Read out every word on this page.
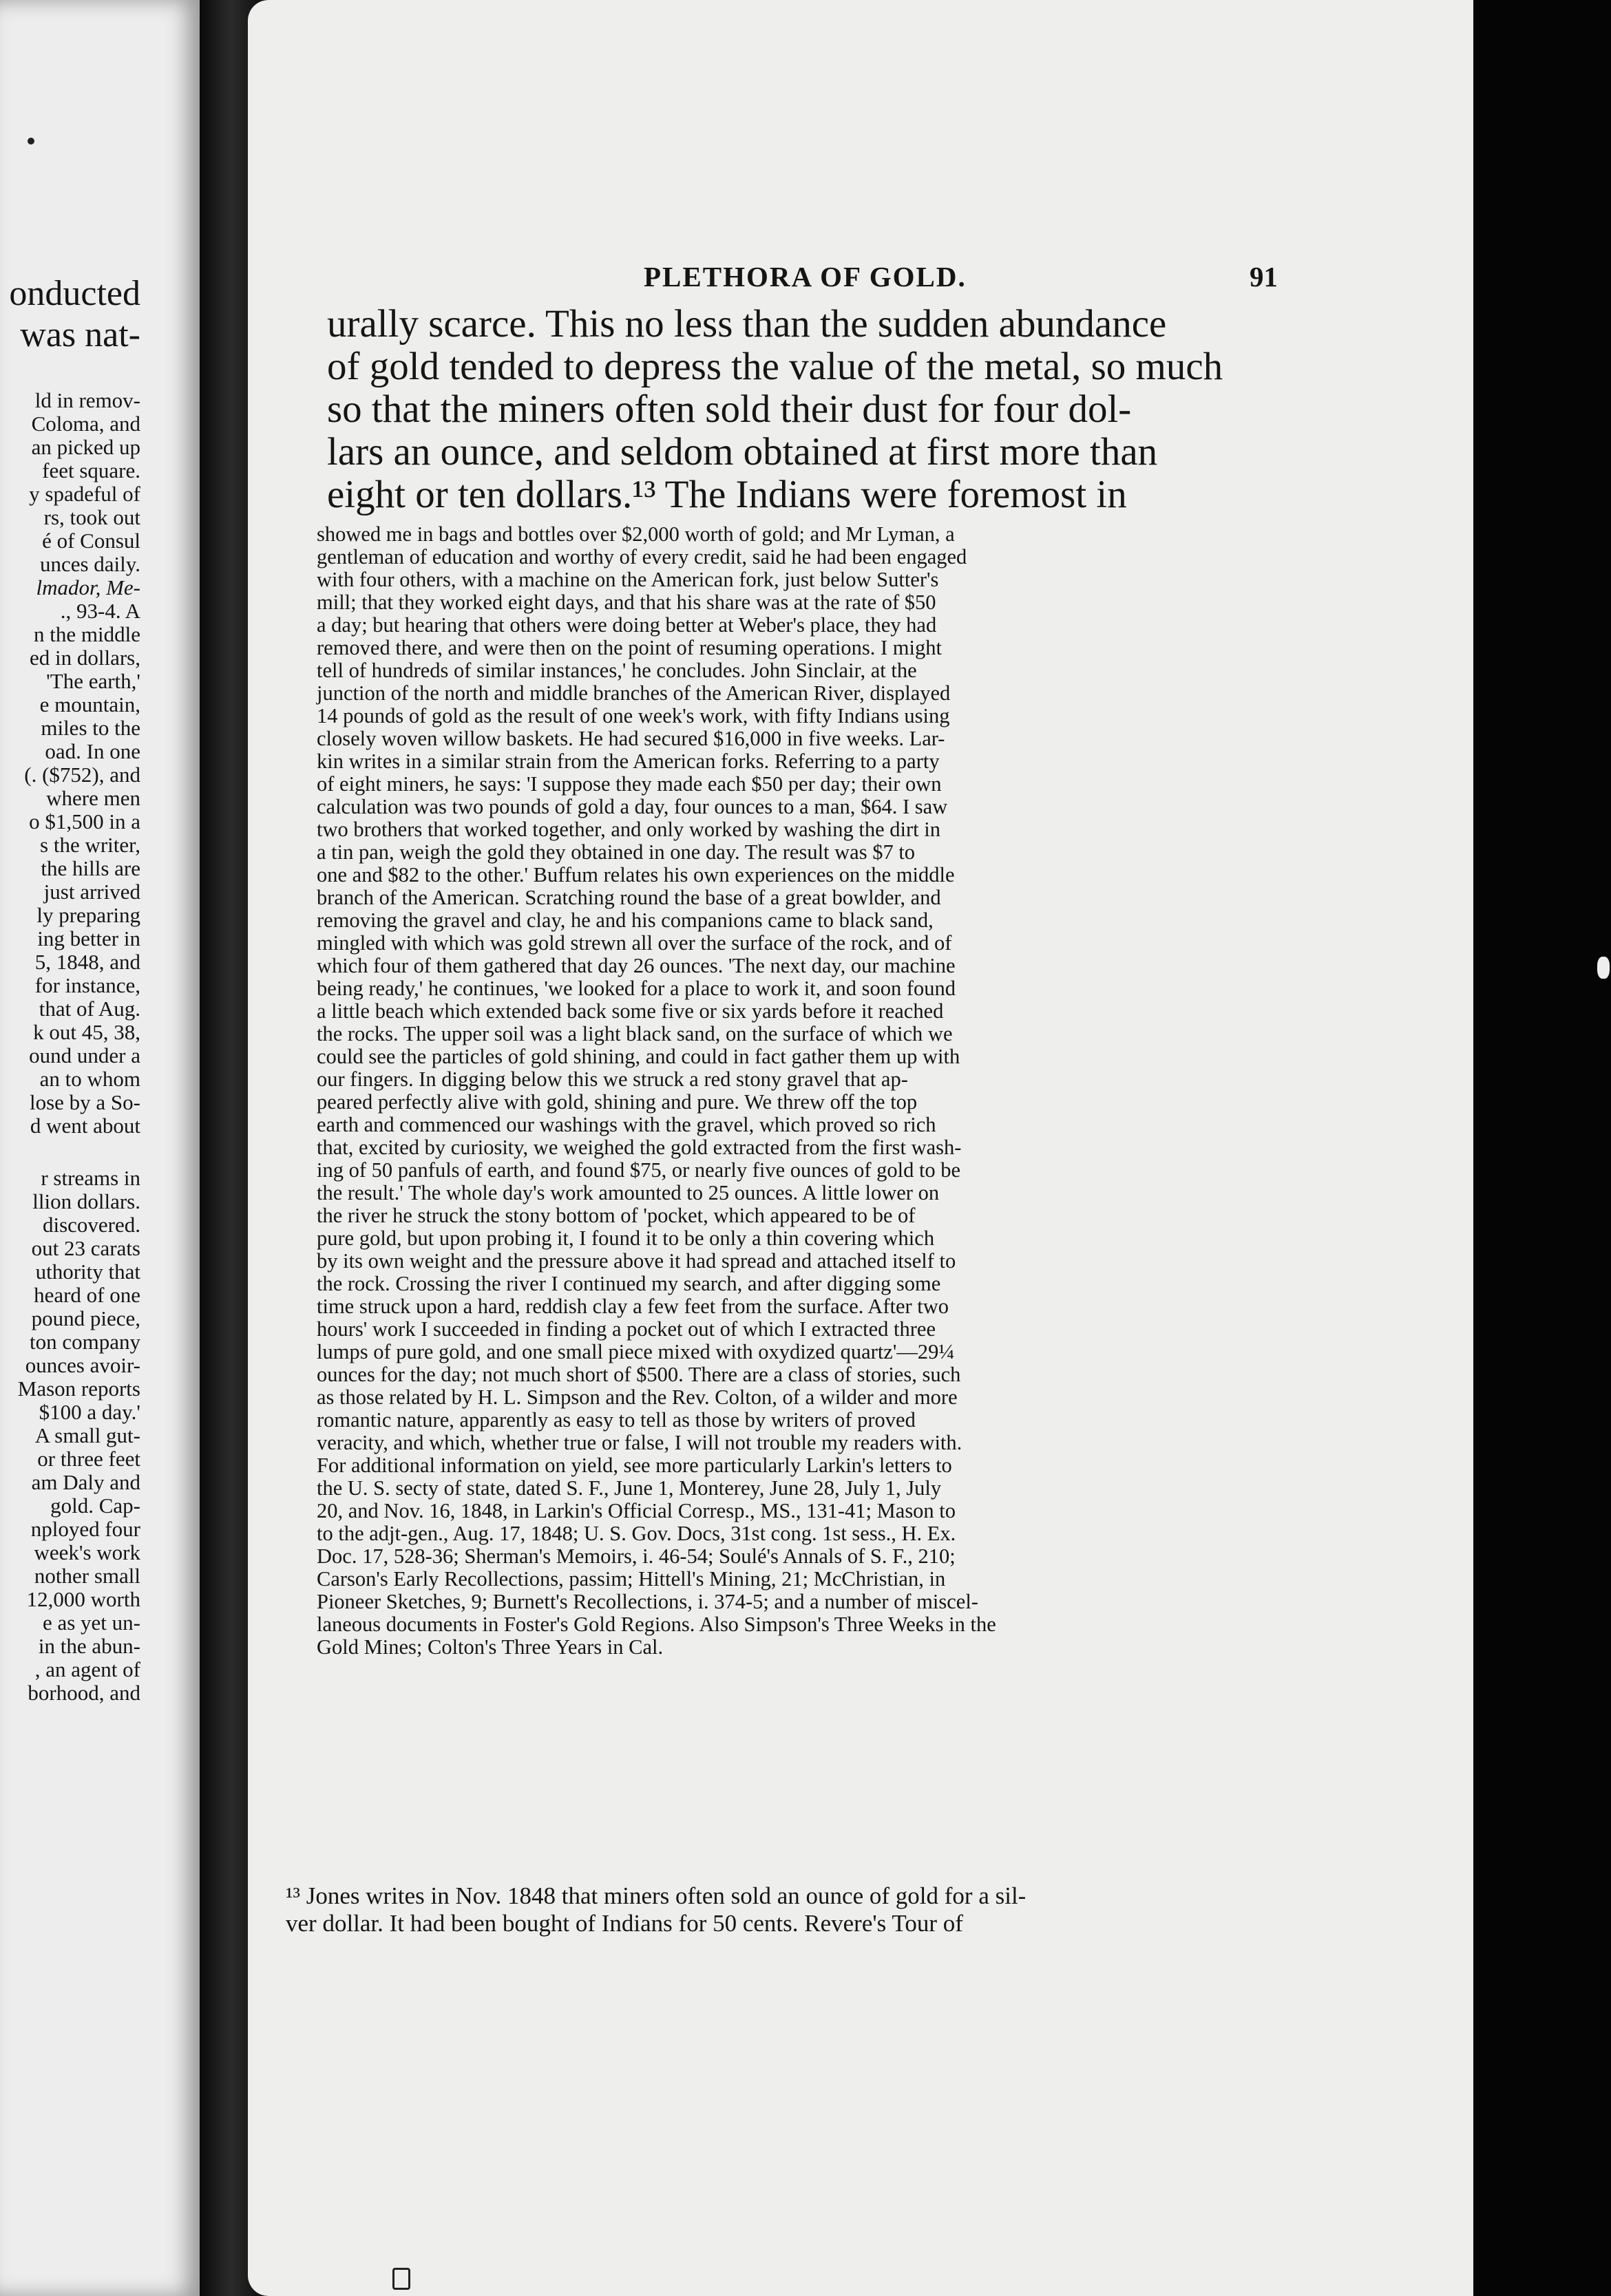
onducted
was nat-
ld in remov-
Coloma, and
an picked up
feet square.
y spadeful of
rs, took out
é of Consul
unces daily.
lmador, Me-
., 93-4. A
n the middle
ed in dollars,
'The earth,'
e mountain,
miles to the
oad. In one
(. ($752), and
where men
o $1,500 in a
s the writer,
the hills are
just arrived
ly preparing
ing better in
5, 1848, and
for instance,
that of Aug.
k out 45, 38,
ound under a
an to whom
lose by a So-
d went about
r streams in
llion dollars.
discovered.
out 23 carats
uthority that
heard of one
pound piece,
ton company
ounces avoir-
Mason reports
$100 a day.'
A small gut-
or three feet
am Daly and
gold. Cap-
nployed four
week's work
nother small
12,000 worth
e as yet un-
in the abun-
, an agent of
borhood, and
PLETHORA OF GOLD.	91
urally scarce. This no less than the sudden abundance
of gold tended to depress the value of the metal, so much
so that the miners often sold their dust for four dol-
lars an ounce, and seldom obtained at first more than
eight or ten dollars.¹³ The Indians were foremost in
showed me in bags and bottles over $2,000 worth of gold; and Mr Lyman, a
gentleman of education and worthy of every credit, said he had been engaged
with four others, with a machine on the American fork, just below Sutter's
mill; that they worked eight days, and that his share was at the rate of $50
a day; but hearing that others were doing better at Weber's place, they had
removed there, and were then on the point of resuming operations. I might
tell of hundreds of similar instances,' he concludes. John Sinclair, at the
junction of the north and middle branches of the American River, displayed
14 pounds of gold as the result of one week's work, with fifty Indians using
closely woven willow baskets. He had secured $16,000 in five weeks. Lar-
kin writes in a similar strain from the American forks. Referring to a party
of eight miners, he says: 'I suppose they made each $50 per day; their own
calculation was two pounds of gold a day, four ounces to a man, $64. I saw
two brothers that worked together, and only worked by washing the dirt in
a tin pan, weigh the gold they obtained in one day. The result was $7 to
one and $82 to the other.' Buffum relates his own experiences on the middle
branch of the American. Scratching round the base of a great bowlder, and
removing the gravel and clay, he and his companions came to black sand,
mingled with which was gold strewn all over the surface of the rock, and of
which four of them gathered that day 26 ounces. 'The next day, our machine
being ready,' he continues, 'we looked for a place to work it, and soon found
a little beach which extended back some five or six yards before it reached
the rocks. The upper soil was a light black sand, on the surface of which we
could see the particles of gold shining, and could in fact gather them up with
our fingers. In digging below this we struck a red stony gravel that ap-
peared perfectly alive with gold, shining and pure. We threw off the top
earth and commenced our washings with the gravel, which proved so rich
that, excited by curiosity, we weighed the gold extracted from the first wash-
ing of 50 panfuls of earth, and found $75, or nearly five ounces of gold to be
the result.' The whole day's work amounted to 25 ounces. A little lower on
the river he struck the stony bottom of 'pocket, which appeared to be of
pure gold, but upon probing it, I found it to be only a thin covering which
by its own weight and the pressure above it had spread and attached itself to
the rock. Crossing the river I continued my search, and after digging some
time struck upon a hard, reddish clay a few feet from the surface. After two
hours' work I succeeded in finding a pocket out of which I extracted three
lumps of pure gold, and one small piece mixed with oxydized quartz'—29¼
ounces for the day; not much short of $500. There are a class of stories, such
as those related by H. L. Simpson and the Rev. Colton, of a wilder and more
romantic nature, apparently as easy to tell as those by writers of proved
veracity, and which, whether true or false, I will not trouble my readers with.
For additional information on yield, see more particularly Larkin's letters to
the U. S. secty of state, dated S. F., June 1, Monterey, June 28, July 1, July
20, and Nov. 16, 1848, in Larkin's Official Corresp., MS., 131-41; Mason to
to the adjt-gen., Aug. 17, 1848; U. S. Gov. Docs, 31st cong. 1st sess., H. Ex.
Doc. 17, 528-36; Sherman's Memoirs, i. 46-54; Soulé's Annals of S. F., 210;
Carson's Early Recollections, passim; Hittell's Mining, 21; McChristian, in
Pioneer Sketches, 9; Burnett's Recollections, i. 374-5; and a number of miscel-
laneous documents in Foster's Gold Regions. Also Simpson's Three Weeks in the
Gold Mines; Colton's Three Years in Cal.
¹³ Jones writes in Nov. 1848 that miners often sold an ounce of gold for a sil-
ver dollar. It had been bought of Indians for 50 cents. Revere's Tour of
